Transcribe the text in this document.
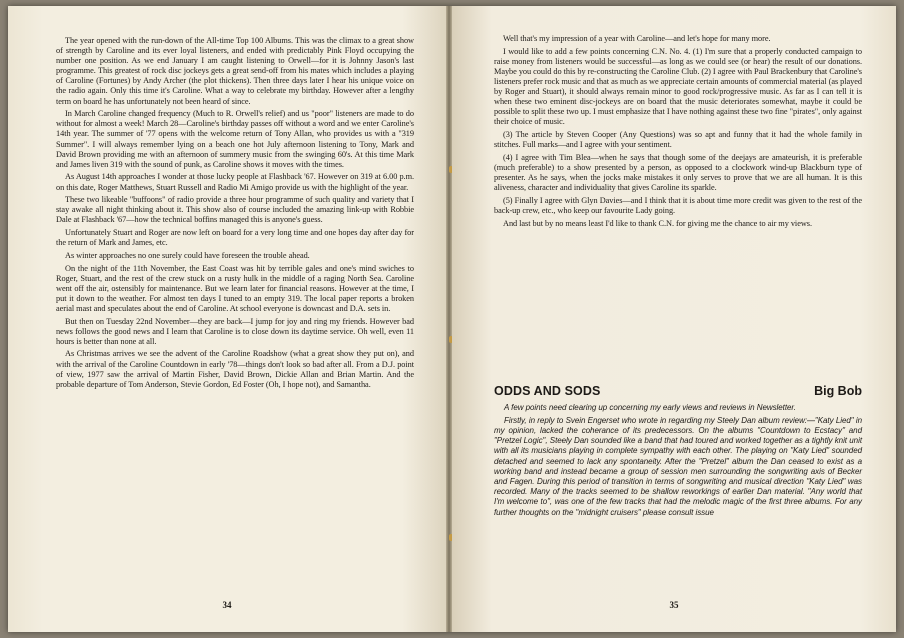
The year opened with the run-down of the All-time Top 100 Albums. This was the climax to a great show of strength by Caroline and its ever loyal listeners, and ended with predictably Pink Floyd occupying the number one position. As we end January I am caught listening to Orwell—for it is Johnny Jason's last programme. This greatest of rock disc jockeys gets a great send-off from his mates which includes a playing of Caroline (Fortunes) by Andy Archer (the plot thickens). Then three days later I hear his unique voice on the radio again. Only this time it's Caroline. What a way to celebrate my birthday. However after a lengthy term on board he has unfortunately not been heard of since.

In March Caroline changed frequency (Much to R. Orwell's relief) and us "poor" listeners are made to do without for almost a week! March 28—Caroline's birthday passes off without a word and we enter Caroline's 14th year. The summer of '77 opens with the welcome return of Tony Allan, who provides us with a "319 Summer". I will always remember lying on a beach one hot July afternoon listening to Tony, Mark and David Brown providing me with an afternoon of summery music from the swinging 60's. At this time Mark and James liven 319 with the sound of punk, as Caroline shows it moves with the times.

As August 14th approaches I wonder at those lucky people at Flashback '67. However on 319 at 6.00 p.m. on this date, Roger Matthews, Stuart Russell and Radio Mi Amigo provide us with the highlight of the year.

These two likeable "buffoons" of radio provide a three hour programme of such quality and variety that I stay awake all night thinking about it. This show also of course included the amazing link-up with Robbie Dale at Flashback '67—how the technical boffins managed this is anyone's guess.

Unfortunately Stuart and Roger are now left on board for a very long time and one hopes day after day for the return of Mark and James, etc.

As winter approaches no one surely could have foreseen the trouble ahead.

On the night of the 11th November, the East Coast was hit by terrible gales and one's mind swiches to Roger, Stuart, and the rest of the crew stuck on a rusty hulk in the middle of a raging North Sea. Caroline went off the air, ostensibly for maintenance. But we learn later for financial reasons. However at the time, I put it down to the weather. For almost ten days I tuned to an empty 319. The local paper reports a broken aerial mast and speculates about the end of Caroline. At school everyone is downcast and D.A. sets in.

But then on Tuesday 22nd November—they are back—I jump for joy and ring my friends. However bad news follows the good news and I learn that Caroline is to close down its daytime service. Oh well, even 11 hours is better than none at all.

As Christmas arrives we see the advent of the Caroline Roadshow (what a great show they put on), and with the arrival of the Caroline Countdown in early '78—things don't look so bad after all. From a D.J. point of view, 1977 saw the arrival of Martin Fisher, David Brown, Dickie Allan and Brian Martin. And the probable departure of Tom Anderson, Stevie Gordon, Ed Foster (Oh, I hope not), and Samantha.

34

Well that's my impression of a year with Caroline—and let's hope for many more.

I would like to add a few points concerning C.N. No. 4. (1) I'm sure that a properly conducted campaign to raise money from listeners would be successful—as long as we could see (or hear) the result of our donations. Maybe you could do this by re-constructing the Caroline Club. (2) I agree with Paul Brackenbury that Caroline's listeners prefer rock music and that as much as we appreciate certain amounts of commercial material (as played by Roger and Stuart), it should always remain minor to good rock/progressive music. As far as I can tell it is when these two eminent disc-jockeys are on board that the music deteriorates somewhat, maybe it could be possible to split these two up. I must emphasize that I have nothing against these two fine "pirates", only against their choice of music.

(3) The article by Steven Cooper (Any Questions) was so apt and funny that it had the whole family in stitches. Full marks—and I agree with your sentiment.

(4) I agree with Tim Blea—when he says that though some of the deejays are amateurish, it is preferable (much preferable) to a show presented by a person, as opposed to a clockwork wind-up Blackburn type of presenter. As he says, when the jocks make mistakes it only serves to prove that we are all human. It is this aliveness, character and individuality that gives Caroline its sparkle.

(5) Finally I agree with Glyn Davies—and I think that it is about time more credit was given to the rest of the back-up crew, etc., who keep our favourite Lady going.

And last but by no means least I'd like to thank C.N. for giving me the chance to air my views.

ODDS AND SODS	Big Bob

A few points need clearing up concerning my early views and reviews in Newsletter.

Firstly, in reply to Svein Engerset who wrote in regarding my Steely Dan album review:—"Katy Lied" in my opinion, lacked the coherance of its predecessors. On the albums "Countdown to Ecstacy" and "Pretzel Logic", Steely Dan sounded like a band that had toured and worked together as a tightly knit unit with all its musicians playing in complete sympathy with each other. The playing on "Katy Lied" sounded detached and seemed to lack any spontaneity. After the "Pretzel" album the Dan ceased to exist as a working band and instead became a group of session men surrounding the songwriting axis of Becker and Fagen. During this period of transition in terms of songwriting and musical direction "Katy Lied" was recorded. Many of the tracks seemed to be shallow reworkings of earlier Dan material. "Any world that I'm welcome to", was one of the few tracks that had the melodic magic of the first three albums. For any further thoughts on the "midnight cruisers" please consult issue

35
